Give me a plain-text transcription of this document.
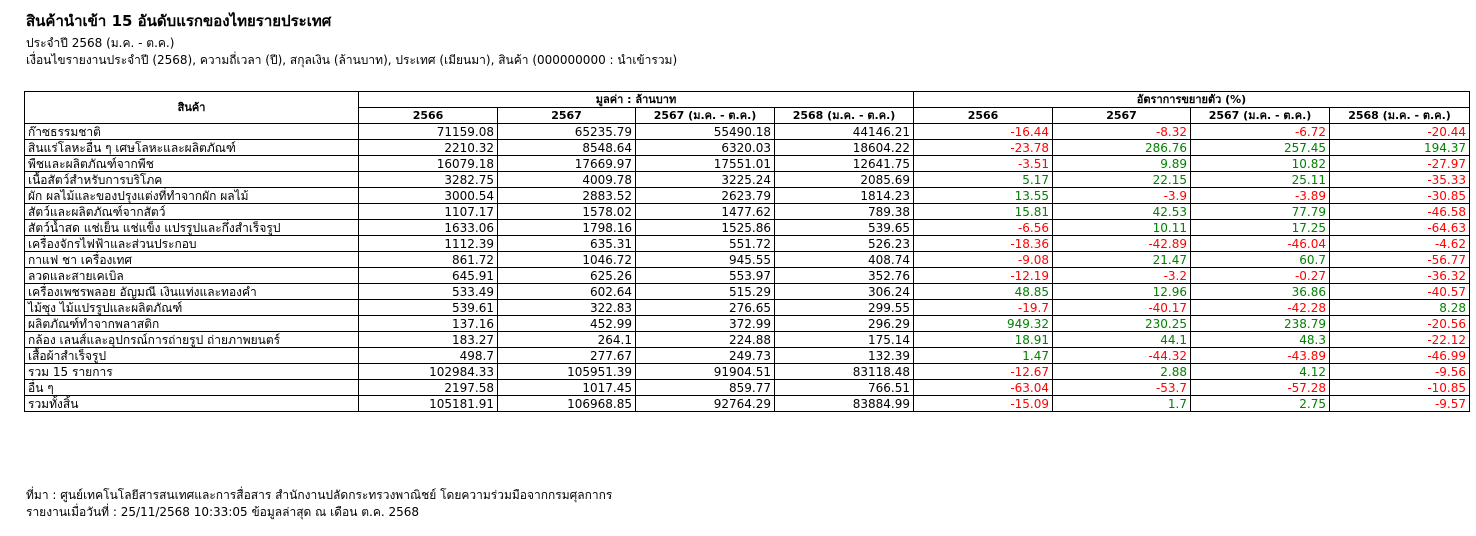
สินค้านำเข้า 15 อันดับแรกของไทยรายประเทศ
ประจำปี 2568 (ม.ค. - ต.ค.)
เงื่อนไขรายงานประจำปี (2568), ความถี่เวลา (ปี), สกุลเงิน (ล้านบาท), ประเทศ (เมียนมา), สินค้า (000000000 : นำเข้ารวม)
สินค้า	มูลค่า : ล้านบาท				อัตราการขยายตัว (%)			
	2566	2567	2567 (ม.ค. - ต.ค.)	2568 (ม.ค. - ต.ค.)	2566	2567	2567 (ม.ค. - ต.ค.)	2568 (ม.ค. - ต.ค.)
ก๊าซธรรมชาติ	71159.08	65235.79	55490.18	44146.21	-16.44	-8.32	-6.72	-20.44
สินแร่โลหะอื่น ๆ เศษโลหะและผลิตภัณฑ์	2210.32	8548.64	6320.03	18604.22	-23.78	286.76	257.45	194.37
พืชและผลิตภัณฑ์จากพืช	16079.18	17669.97	17551.01	12641.75	-3.51	9.89	10.82	-27.97
เนื้อสัตว์สำหรับการบริโภค	3282.75	4009.78	3225.24	2085.69	5.17	22.15	25.11	-35.33
ผัก ผลไม้และของปรุงแต่งที่ทำจากผัก ผลไม้	3000.54	2883.52	2623.79	1814.23	13.55	-3.9	-3.89	-30.85
สัตว์และผลิตภัณฑ์จากสัตว์	1107.17	1578.02	1477.62	789.38	15.81	42.53	77.79	-46.58
สัตว์น้ำสด แช่เย็น แช่แข็ง แปรรูปและกึ่งสำเร็จรูป	1633.06	1798.16	1525.86	539.65	-6.56	10.11	17.25	-64.63
เครื่องจักรไฟฟ้าและส่วนประกอบ	1112.39	635.31	551.72	526.23	-18.36	-42.89	-46.04	-4.62
กาแฟ ชา เครื่องเทศ	861.72	1046.72	945.55	408.74	-9.08	21.47	60.7	-56.77
ลวดและสายเคเบิล	645.91	625.26	553.97	352.76	-12.19	-3.2	-0.27	-36.32
เครื่องเพชรพลอย อัญมณี เงินแท่งและทองคำ	533.49	602.64	515.29	306.24	48.85	12.96	36.86	-40.57
ไม้ซุง ไม้แปรรูปและผลิตภัณฑ์	539.61	322.83	276.65	299.55	-19.7	-40.17	-42.28	8.28
ผลิตภัณฑ์ทำจากพลาสติก	137.16	452.99	372.99	296.29	949.32	230.25	238.79	-20.56
กล้อง เลนส์และอุปกรณ์การถ่ายรูป ถ่ายภาพยนตร์	183.27	264.1	224.88	175.14	18.91	44.1	48.3	-22.12
เสื้อผ้าสำเร็จรูป	498.7	277.67	249.73	132.39	1.47	-44.32	-43.89	-46.99
รวม 15 รายการ	102984.33	105951.39	91904.51	83118.48	-12.67	2.88	4.12	-9.56
อื่น ๆ	2197.58	1017.45	859.77	766.51	-63.04	-53.7	-57.28	-10.85
รวมทั้งสิ้น	105181.91	106968.85	92764.29	83884.99	-15.09	1.7	2.75	-9.57
ที่มา : ศูนย์เทคโนโลยีสารสนเทศและการสื่อสาร สำนักงานปลัดกระทรวงพาณิชย์ โดยความร่วมมือจากกรมศุลกากร
รายงานเมื่อวันที่ : 25/11/2568 10:33:05 ข้อมูลล่าสุด ณ เดือน ต.ค. 2568
